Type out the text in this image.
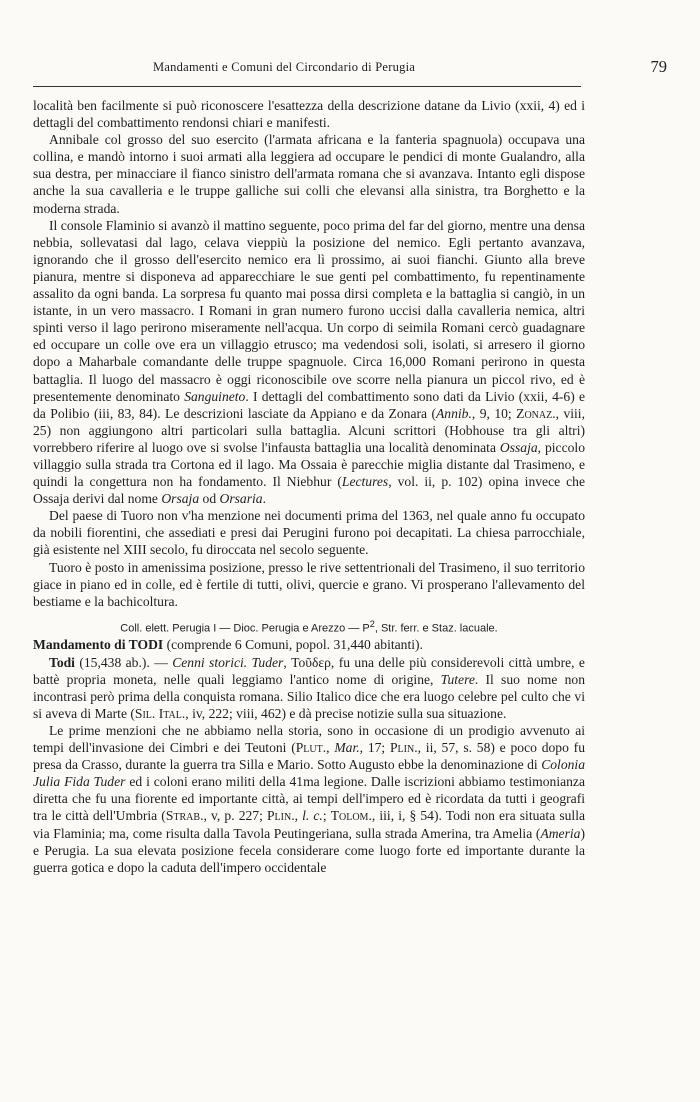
Mandamenti e Comuni del Circondario di Perugia	79

località ben facilmente si può riconoscere l'esattezza della descrizione datane da Livio (xxii, 4) ed i dettagli del combattimento rendonsi chiari e manifesti.

Annibale col grosso del suo esercito (l'armata africana e la fanteria spagnuola) occupava una collina, e mandò intorno i suoi armati alla leggiera ad occupare le pendici di monte Gualandro, alla sua destra, per minacciare il fianco sinistro dell'armata romana che si avanzava. Intanto egli dispose anche la sua cavalleria e le truppe galliche sui colli che elevansi alla sinistra, tra Borghetto e la moderna strada.

Il console Flaminio si avanzò il mattino seguente, poco prima del far del giorno, mentre una densa nebbia, sollevatasi dal lago, celava vieppiù la posizione del nemico. Egli pertanto avanzava, ignorando che il grosso dell'esercito nemico era lì prossimo, ai suoi fianchi. Giunto alla breve pianura, mentre si disponeva ad apparecchiare le sue genti pel combattimento, fu repentinamente assalito da ogni banda. La sorpresa fu quanto mai possa dirsi completa e la battaglia si cangiò, in un istante, in un vero massacro. I Romani in gran numero furono uccisi dalla cavalleria nemica, altri spinti verso il lago perirono miseramente nell'acqua. Un corpo di seimila Romani cercò guadagnare ed occupare un colle ove era un villaggio etrusco; ma vedendosi soli, isolati, si arresero il giorno dopo a Maharbale comandante delle truppe spagnuole. Circa 16,000 Romani perirono in questa battaglia. Il luogo del massacro è oggi riconoscibile ove scorre nella pianura un piccol rivo, ed è presentemente denominato Sanguineto. I dettagli del combattimento sono dati da Livio (xxii, 4-6) e da Polibio (iii, 83, 84). Le descrizioni lasciate da Appiano e da Zonara (Annib., 9, 10; Zonaz., viii, 25) non aggiungono altri particolari sulla battaglia. Alcuni scrittori (Hobhouse tra gli altri) vorrebbero riferire al luogo ove si svolse l'infausta battaglia una località denominata Ossaja, piccolo villaggio sulla strada tra Cortona ed il lago. Ma Ossaia è parecchie miglia distante dal Trasimeno, e quindi la congettura non ha fondamento. Il Niebhur (Lectures, vol. ii, p. 102) opina invece che Ossaja derivi dal nome Orsaja od Orsaria.

Del paese di Tuoro non v'ha menzione nei documenti prima del 1363, nel quale anno fu occupato da nobili fiorentini, che assediati e presi dai Perugini furono poi decapitati. La chiesa parrocchiale, già esistente nel XIII secolo, fu diroccata nel secolo seguente.

Tuoro è posto in amenissima posizione, presso le rive settentrionali del Trasimeno, il suo territorio giace in piano ed in colle, ed è fertile di tutti, olivi, quercie e grano. Vi prosperano l'allevamento del bestiame e la bachicoltura.

Coll. elett. Perugia I — Dioc. Perugia e Arezzo — $P^2$, Str. ferr. e Staz. lacuale.

Mandamento di TODI (comprende 6 Comuni, popol. 31,440 abitanti).

Todi (15,438 ab.). — Cenni storici. Tuder, Τοῦδερ, fu una delle più considerevoli città umbre, e battè propria moneta, nelle quali leggiamo l'antico nome di origine, Tutere. Il suo nome non incontrasi però prima della conquista romana. Silio Italico dice che era luogo celebre pel culto che vi si aveva di Marte (Sil. Ital., iv, 222; viii, 462) e dà precise notizie sulla sua situazione.

Le prime menzioni che ne abbiamo nella storia, sono in occasione di un prodigio avvenuto ai tempi dell'invasione dei Cimbri e dei Teutoni (Plut., Mar., 17; Plin., ii, 57, s. 58) e poco dopo fu presa da Crasso, durante la guerra tra Silla e Mario. Sotto Augusto ebbe la denominazione di Colonia Julia Fida Tuder ed i coloni erano militi della 41ma legione. Dalle iscrizioni abbiamo testimonianza diretta che fu una fiorente ed importante città, ai tempi dell'impero ed è ricordata da tutti i geografi tra le città dell'Umbria (Strab., v, p. 227; Plin., l. c.; Tolom., iii, i, § 54). Todi non era situata sulla via Flaminia; ma, come risulta dalla Tavola Peutingeriana, sulla strada Amerina, tra Amelia (Ameria) e Perugia. La sua elevata posizione fecela considerare come luogo forte ed importante durante la guerra gotica e dopo la caduta dell'impero occidentale
